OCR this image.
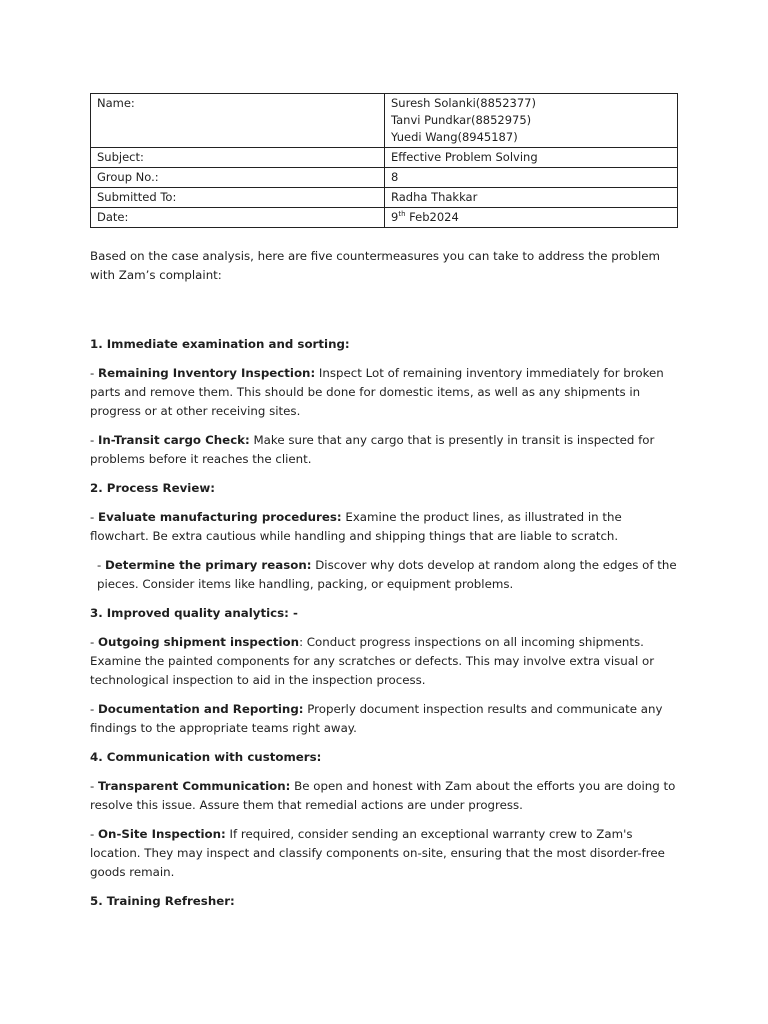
Name:	Suresh Solanki(8852377)
Tanvi Pundkar(8852975)
Yuedi Wang(8945187)

Subject:	Effective Problem Solving
Group No.:	8
Submitted To:	Radha Thakkar
Date:	9th Feb2024

Based on the case analysis, here are five countermeasures you can take to address the problem with Zam’s complaint:

1. Immediate examination and sorting:

- Remaining Inventory Inspection: Inspect Lot of remaining inventory immediately for broken parts and remove them. This should be done for domestic items, as well as any shipments in progress or at other receiving sites.

- In-Transit cargo Check: Make sure that any cargo that is presently in transit is inspected for problems before it reaches the client.

2. Process Review:

- Evaluate manufacturing procedures: Examine the product lines, as illustrated in the flowchart. Be extra cautious while handling and shipping things that are liable to scratch.

- Determine the primary reason: Discover why dots develop at random along the edges of the pieces. Consider items like handling, packing, or equipment problems.

3. Improved quality analytics: -

- Outgoing shipment inspection: Conduct progress inspections on all incoming shipments. Examine the painted components for any scratches or defects. This may involve extra visual or technological inspection to aid in the inspection process.

- Documentation and Reporting: Properly document inspection results and communicate any findings to the appropriate teams right away.

4. Communication with customers:

- Transparent Communication: Be open and honest with Zam about the efforts you are doing to resolve this issue. Assure them that remedial actions are under progress.

- On-Site Inspection: If required, consider sending an exceptional warranty crew to Zam's location. They may inspect and classify components on-site, ensuring that the most disorder-free goods remain.

5. Training Refresher:
